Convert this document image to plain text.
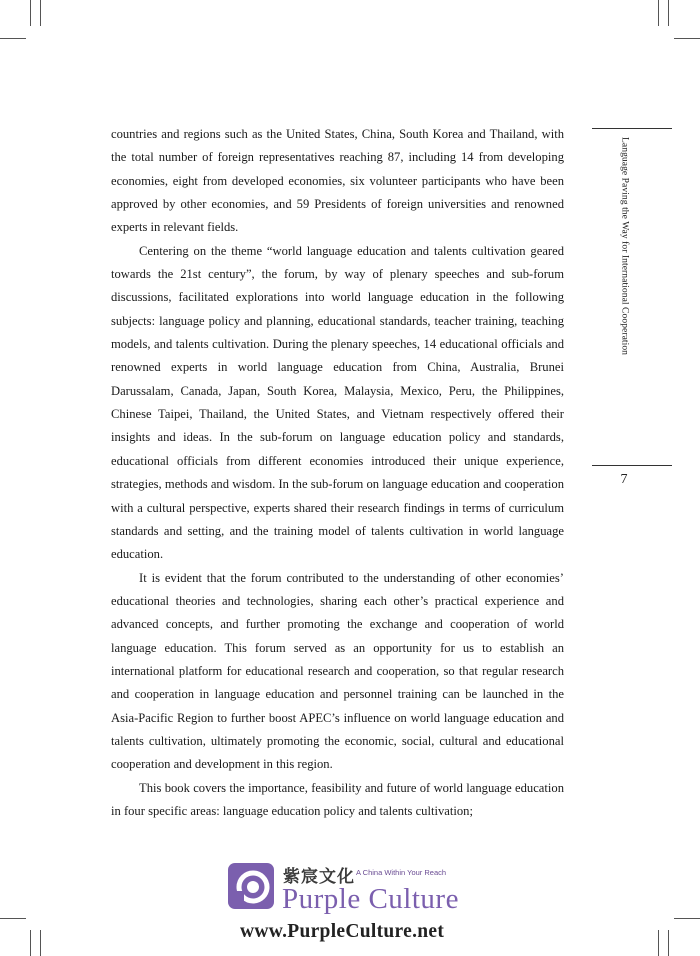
countries and regions such as the United States, China, South Korea and Thailand, with the total number of foreign representatives reaching 87, including 14 from developing economies, eight from developed economies, six volunteer participants who have been approved by other economies, and 59 Presidents of foreign universities and renowned experts in relevant fields.

Centering on the theme “world language education and talents cultivation geared towards the 21st century”, the forum, by way of plenary speeches and sub-forum discussions, facilitated explorations into world language education in the following subjects: language policy and planning, educational standards, teacher training, teaching models, and talents cultivation. During the plenary speeches, 14 educational officials and renowned experts in world language education from China, Australia, Brunei Darussalam, Canada, Japan, South Korea, Malaysia, Mexico, Peru, the Philippines, Chinese Taipei, Thailand, the United States, and Vietnam respectively offered their insights and ideas. In the sub-forum on language education policy and standards, educational officials from different economies introduced their unique experience, strategies, methods and wisdom. In the sub-forum on language education and cooperation with a cultural perspective, experts shared their research findings in terms of curriculum standards and setting, and the training model of talents cultivation in world language education.

It is evident that the forum contributed to the understanding of other economies’ educational theories and technologies, sharing each other’s practical experience and advanced concepts, and further promoting the exchange and cooperation of world language education. This forum served as an opportunity for us to establish an international platform for educational research and cooperation, so that regular research and cooperation in language education and personnel training can be launched in the Asia-Pacific Region to further boost APEC’s influence on world language education and talents cultivation, ultimately promoting the economic, social, cultural and educational cooperation and development in this region.

This book covers the importance, feasibility and future of world language education in four specific areas: language education policy and talents cultivation;

Language Paving the Way for International Cooperation
7
紫宸文化 A China Within Your Reach
Purple Culture
www.PurpleCulture.net
